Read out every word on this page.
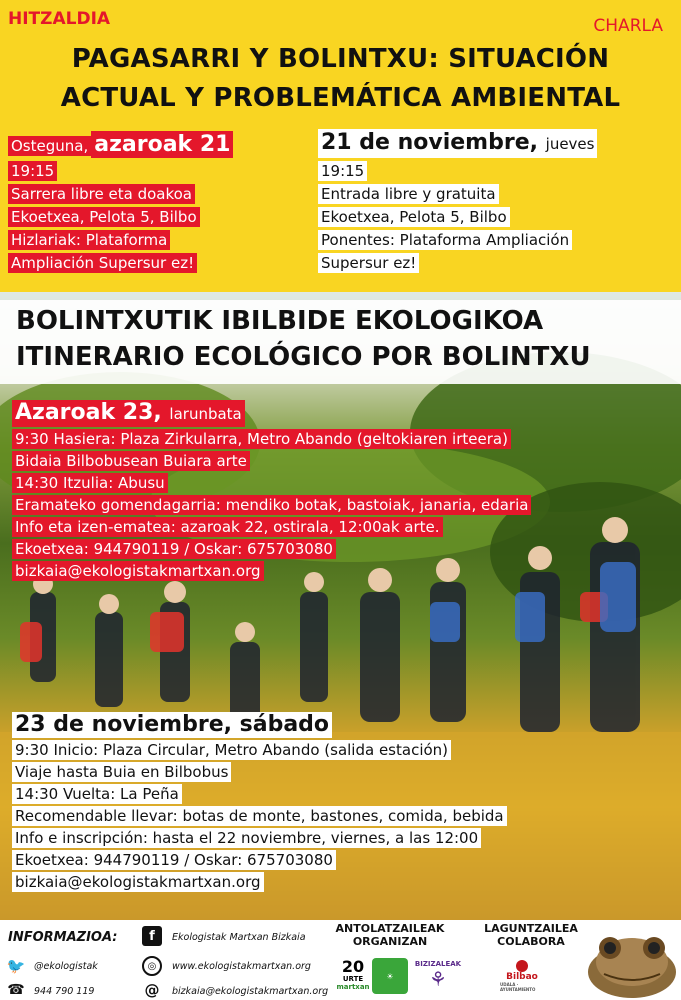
HITZALDIA	CHARLA
PAGASARRI Y BOLINTXU: SITUACIÓN
ACTUAL Y PROBLEMÁTICA AMBIENTAL
Osteguna, azaroak 21
19:15
Sarrera libre eta doakoa
Ekoetxea, Pelota 5, Bilbo
Hizlariak: Plataforma
Ampliación Supersur ez!
21 de noviembre, jueves
19:15
Entrada libre y gratuita
Ekoetxea, Pelota 5, Bilbo
Ponentes: Plataforma Ampliación
Supersur ez!
BOLINTXUTIK IBILBIDE EKOLOGIKOA
ITINERARIO ECOLÓGICO POR BOLINTXU
Azaroak 23, larunbata
9:30 Hasiera: Plaza Zirkularra, Metro Abando (geltokiaren irteera)
Bidaia Bilbobusean Buiara arte
14:30 Itzulia: Abusu
Eramateko gomendagarria: mendiko botak, bastoiak, janaria, edaria
Info eta izen-ematea: azaroak 22, ostirala, 12:00ak arte.
Ekoetxea: 944790119 / Oskar: 675703080
bizkaia@ekologistakmartxan.org
23 de noviembre, sábado
9:30 Inicio: Plaza Circular, Metro Abando (salida estación)
Viaje hasta Buia en Bilbobus
14:30 Vuelta: La Peña
Recomendable llevar: botas de monte, bastones, comida, bebida
Info e inscripción: hasta el 22 noviembre, viernes, a las 12:00
Ekoetxea: 944790119 / Oskar: 675703080
bizkaia@ekologistakmartxan.org
INFORMAZIOA:	f	Ekologistak Martxan Bizkaia
🐦 @ekologistak	◎	www.ekologistakmartxan.org
☎ 944 790 119	@ bizkaia@ekologistakmartxan.org
ANTOLATZAILEAK
ORGANIZAN
LAGUNTZAILEA
COLABORA
20
URTE
martxan
☀
BIZIZALEAK
⚘	Bilbao
UDALA · AYUNTAMIENTO
